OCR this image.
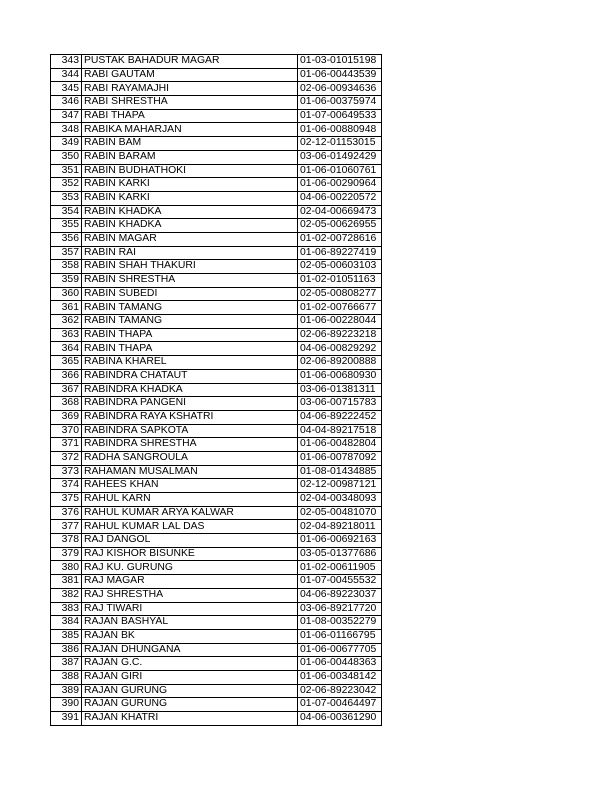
343	PUSTAK BAHADUR MAGAR	01-03-01015198
344	RABI GAUTAM	01-06-00443539
345	RABI RAYAMAJHI	02-06-00934636
346	RABI SHRESTHA	01-06-00375974
347	RABI THAPA	01-07-00649533
348	RABIKA MAHARJAN	01-06-00880948
349	RABIN BAM	02-12-01153015
350	RABIN BARAM	03-06-01492429
351	RABIN BUDHATHOKI	01-06-01060761
352	RABIN KARKI	01-06-00290964
353	RABIN KARKI	04-06-00220572
354	RABIN KHADKA	02-04-00669473
355	RABIN KHADKA	02-05-00626955
356	RABIN MAGAR	01-02-00728616
357	RABIN RAI	01-06-89227419
358	RABIN SHAH THAKURI	02-05-00603103
359	RABIN SHRESTHA	01-02-01051163
360	RABIN SUBEDI	02-05-00808277
361	RABIN TAMANG	01-02-00766677
362	RABIN TAMANG	01-06-00228044
363	RABIN THAPA	02-06-89223218
364	RABIN THAPA	04-06-00829292
365	RABINA KHAREL	02-06-89200888
366	RABINDRA CHATAUT	01-06-00680930
367	RABINDRA KHADKA	03-06-01381311
368	RABINDRA PANGENI	03-06-00715783
369	RABINDRA RAYA KSHATRI	04-06-89222452
370	RABINDRA SAPKOTA	04-04-89217518
371	RABINDRA SHRESTHA	01-06-00482804
372	RADHA SANGROULA	01-06-00787092
373	RAHAMAN MUSALMAN	01-08-01434885
374	RAHEES KHAN	02-12-00987121
375	RAHUL KARN	02-04-00348093
376	RAHUL KUMAR ARYA KALWAR	02-05-00481070
377	RAHUL KUMAR LAL DAS	02-04-89218011
378	RAJ DANGOL	01-06-00692163
379	RAJ KISHOR BISUNKE	03-05-01377686
380	RAJ KU. GURUNG	01-02-00611905
381	RAJ MAGAR	01-07-00455532
382	RAJ SHRESTHA	04-06-89223037
383	RAJ TIWARI	03-06-89217720
384	RAJAN BASHYAL	01-08-00352279
385	RAJAN BK	01-06-01166795
386	RAJAN DHUNGANA	01-06-00677705
387	RAJAN G.C.	01-06-00448363
388	RAJAN GIRI	01-06-00348142
389	RAJAN GURUNG	02-06-89223042
390	RAJAN GURUNG	01-07-00464497
391	RAJAN KHATRI	04-06-00361290
